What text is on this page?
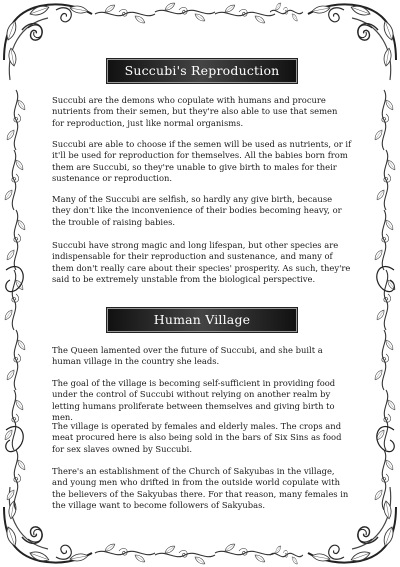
Succubi's Reproduction

Succubi are the demons who copulate with humans and procure nutrients from their semen, but they're also able to use that semen for reproduction, just like normal organisms.

Succubi are able to choose if the semen will be used as nutrients, or if it'll be used for reproduction for themselves. All the babies born from them are Succubi, so they're unable to give birth to males for their sustenance or reproduction.

Many of the Succubi are selfish, so hardly any give birth, because they don't like the inconvenience of their bodies becoming heavy, or the trouble of raising babies.

Succubi have strong magic and long lifespan, but other species are indispensable for their reproduction and sustenance, and many of them don't really care about their species' prosperity. As such, they're said to be extremely unstable from the biological perspective.

Human Village

The Queen lamented over the future of Succubi, and she built a human village in the country she leads.

The goal of the village is becoming self-sufficient in providing food under the control of Succubi without relying on another realm by letting humans proliferate between themselves and giving birth to men.

The village is operated by females and elderly males. The crops and meat procured here is also being sold in the bars of Six Sins as food for sex slaves owned by Succubi.

There's an establishment of the Church of Sakyubas in the village, and young men who drifted in from the outside world copulate with the believers of the Sakyubas there. For that reason, many females in the village want to become followers of Sakyubas.
